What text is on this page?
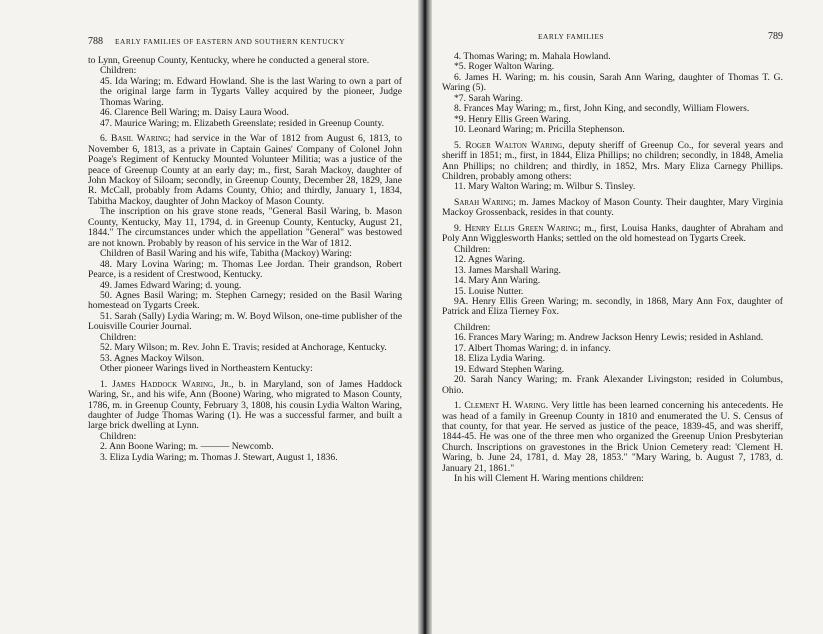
788 EARLY FAMILIES OF EASTERN AND SOUTHERN KENTUCKY

to Lynn, Greenup County, Kentucky, where he conducted a general store.

Children:

45. Ida Waring; m. Edward Howland. She is the last Waring to own a part of the original large farm in Tygarts Valley acquired by the pioneer, Judge Thomas Waring.

46. Clarence Bell Waring; m. Daisy Laura Wood.

47. Maurice Waring; m. Elizabeth Greenslate; resided in Greenup County.

6. Basil Waring; had service in the War of 1812 from August 6, 1813, to November 6, 1813, as a private in Captain Gaines' Company of Colonel John Poage's Regiment of Kentucky Mounted Volunteer Militia; was a justice of the peace of Greenup County at an early day; m., first, Sarah Mackoy, daughter of John Mackoy of Siloam; secondly, in Greenup County, December 28, 1829, Jane R. McCall, probably from Adams County, Ohio; and thirdly, January 1, 1834, Tabitha Mackoy, daughter of John Mackoy of Mason County.

The inscription on his grave stone reads, "General Basil Waring, b. Mason County, Kentucky, May 11, 1794, d. in Greenup County, Kentucky, August 21, 1844." The circumstances under which the appellation "General" was bestowed are not known. Probably by reason of his service in the War of 1812.

Children of Basil Waring and his wife, Tabitha (Mackoy) Waring:

48. Mary Lovina Waring; m. Thomas Lee Jordan. Their grandson, Robert Pearce, is a resident of Crestwood, Kentucky.

49. James Edward Waring; d. young.

50. Agnes Basil Waring; m. Stephen Carnegy; resided on the Basil Waring homestead on Tygarts Creek.

51. Sarah (Sally) Lydia Waring; m. W. Boyd Wilson, one-time publisher of the Louisville Courier Journal.

Children:

52. Mary Wilson; m. Rev. John E. Travis; resided at Anchorage, Kentucky.

53. Agnes Mackoy Wilson.

Other pioneer Warings lived in Northeastern Kentucky:

1. James Haddock Waring, Jr., b. in Maryland, son of James Haddock Waring, Sr., and his wife, Ann (Boone) Waring, who migrated to Mason County, 1786, m. in Greenup County, February 3, 1808, his cousin Lydia Walton Waring, daughter of Judge Thomas Waring (1). He was a successful farmer, and built a large brick dwelling at Lynn.

Children:

2. Ann Boone Waring; m. ——— Newcomb.

3. Eliza Lydia Waring; m. Thomas J. Stewart, August 1, 1836.

EARLY FAMILIES	789

4. Thomas Waring; m. Mahala Howland.

*5. Roger Walton Waring.

6. James H. Waring; m. his cousin, Sarah Ann Waring, daughter of Thomas T. G. Waring (5).

*7. Sarah Waring.

8. Frances May Waring; m., first, John King, and secondly, William Flowers.

*9. Henry Ellis Green Waring.

10. Leonard Waring; m. Pricilla Stephenson.

5. Roger Walton Waring, deputy sheriff of Greenup Co., for several years and sheriff in 1851; m., first, in 1844, Eliza Phillips; no children; secondly, in 1848, Amelia Ann Phillips; no children; and thirdly, in 1852, Mrs. Mary Eliza Carnegy Phillips. Children, probably among others:

11. Mary Walton Waring; m. Wilbur S. Tinsley.

Sarah Waring; m. James Mackoy of Mason County. Their daughter, Mary Virginia Mackoy Grossenback, resides in that county.

9. Henry Ellis Green Waring; m., first, Louisa Hanks, daughter of Abraham and Poly Ann Wigglesworth Hanks; settled on the old homestead on Tygarts Creek.

Children:

12. Agnes Waring.

13. James Marshall Waring.

14. Mary Ann Waring.

15. Louise Nutter.

9A. Henry Ellis Green Waring; m. secondly, in 1868, Mary Ann Fox, daughter of Patrick and Eliza Tierney Fox.

Children:

16. Frances Mary Waring; m. Andrew Jackson Henry Lewis; resided in Ashland.

17. Albert Thomas Waring; d. in infancy.

18. Eliza Lydia Waring.

19. Edward Stephen Waring.

20. Sarah Nancy Waring; m. Frank Alexander Livingston; resided in Columbus, Ohio.

1. Clement H. Waring. Very little has been learned concerning his antecedents. He was head of a family in Greenup County in 1810 and enumerated the U. S. Census of that county, for that year. He served as justice of the peace, 1839-45, and was sheriff, 1844-45. He was one of the three men who organized the Greenup Union Presbyterian Church. Inscriptions on gravestones in the Brick Union Cemetery read: 'Clement H. Waring, b. June 24, 1781, d. May 28, 1853." "Mary Waring, b. August 7, 1783, d. January 21, 1861."

In his will Clement H. Waring mentions children:
